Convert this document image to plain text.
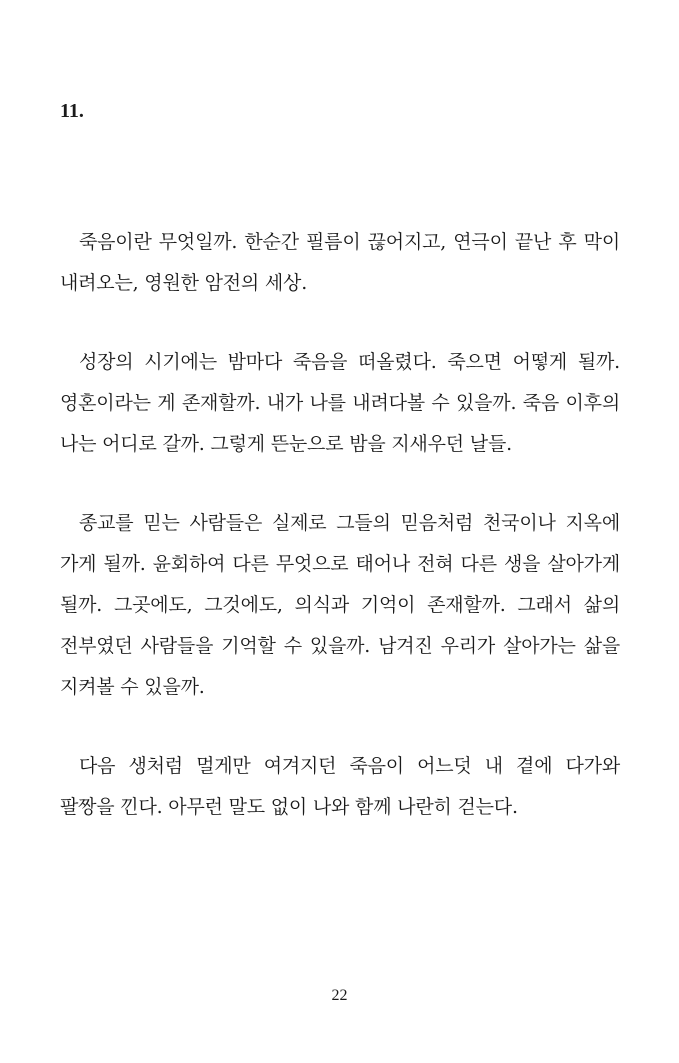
11.

죽음이란 무엇일까. 한순간 필름이 끊어지고, 연극이 끝난 후 막이 내려오는, 영원한 암전의 세상.

성장의 시기에는 밤마다 죽음을 떠올렸다. 죽으면 어떻게 될까. 영혼이라는 게 존재할까. 내가 나를 내려다볼 수 있을까. 죽음 이후의 나는 어디로 갈까. 그렇게 뜬눈으로 밤을 지새우던 날들.

종교를 믿는 사람들은 실제로 그들의 믿음처럼 천국이나 지옥에 가게 될까. 윤회하여 다른 무엇으로 태어나 전혀 다른 생을 살아가게 될까. 그곳에도, 그것에도, 의식과 기억이 존재할까. 그래서 삶의 전부였던 사람들을 기억할 수 있을까. 남겨진 우리가 살아가는 삶을 지켜볼 수 있을까.

다음 생처럼 멀게만 여겨지던 죽음이 어느덧 내 곁에 다가와 팔짱을 낀다. 아무런 말도 없이 나와 함께 나란히 걷는다.

22
